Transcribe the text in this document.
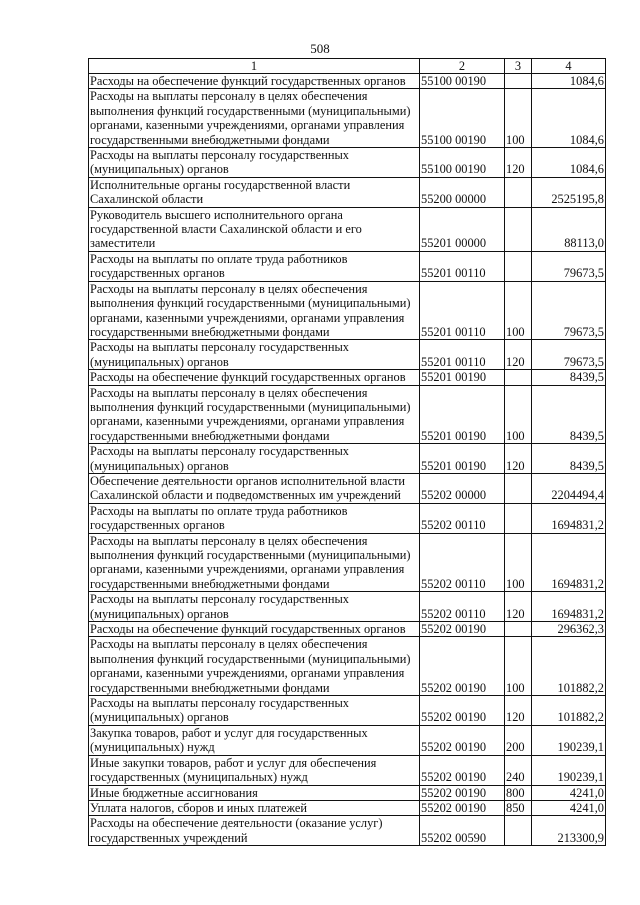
508
1	2	3	4
Расходы на обеспечение функций государственных органов	55100 00190		1084,6
Расходы на выплаты персоналу в целях обеспечения выполнения функций государственными (муниципальными) органами, казенными учреждениями, органами управления государственными внебюджетными фондами	55100 00190	100	1084,6
Расходы на выплаты персоналу государственных (муниципальных) органов	55100 00190	120	1084,6
Исполнительные органы государственной власти Сахалинской области	55200 00000		2525195,8
Руководитель высшего исполнительного органа государственной власти Сахалинской области и его заместители	55201 00000		88113,0
Расходы на выплаты по оплате труда работников государственных органов	55201 00110		79673,5
Расходы на выплаты персоналу в целях обеспечения выполнения функций государственными (муниципальными) органами, казенными учреждениями, органами управления государственными внебюджетными фондами	55201 00110	100	79673,5
Расходы на выплаты персоналу государственных (муниципальных) органов	55201 00110	120	79673,5
Расходы на обеспечение функций государственных органов	55201 00190		8439,5
Расходы на выплаты персоналу в целях обеспечения выполнения функций государственными (муниципальными) органами, казенными учреждениями, органами управления государственными внебюджетными фондами	55201 00190	100	8439,5
Расходы на выплаты персоналу государственных (муниципальных) органов	55201 00190	120	8439,5
Обеспечение деятельности органов исполнительной власти Сахалинской области и подведомственных им учреждений	55202 00000		2204494,4
Расходы на выплаты по оплате труда работников государственных органов	55202 00110		1694831,2
Расходы на выплаты персоналу в целях обеспечения выполнения функций государственными (муниципальными) органами, казенными учреждениями, органами управления государственными внебюджетными фондами	55202 00110	100	1694831,2
Расходы на выплаты персоналу государственных (муниципальных) органов	55202 00110	120	1694831,2
Расходы на обеспечение функций государственных органов	55202 00190		296362,3
Расходы на выплаты персоналу в целях обеспечения выполнения функций государственными (муниципальными) органами, казенными учреждениями, органами управления государственными внебюджетными фондами	55202 00190	100	101882,2
Расходы на выплаты персоналу государственных (муниципальных) органов	55202 00190	120	101882,2
Закупка товаров, работ и услуг для государственных (муниципальных) нужд	55202 00190	200	190239,1
Иные закупки товаров, работ и услуг для обеспечения государственных (муниципальных) нужд	55202 00190	240	190239,1
Иные бюджетные ассигнования	55202 00190	800	4241,0
Уплата налогов, сборов и иных платежей	55202 00190	850	4241,0
Расходы на обеспечение деятельности (оказание услуг) государственных учреждений	55202 00590		213300,9
